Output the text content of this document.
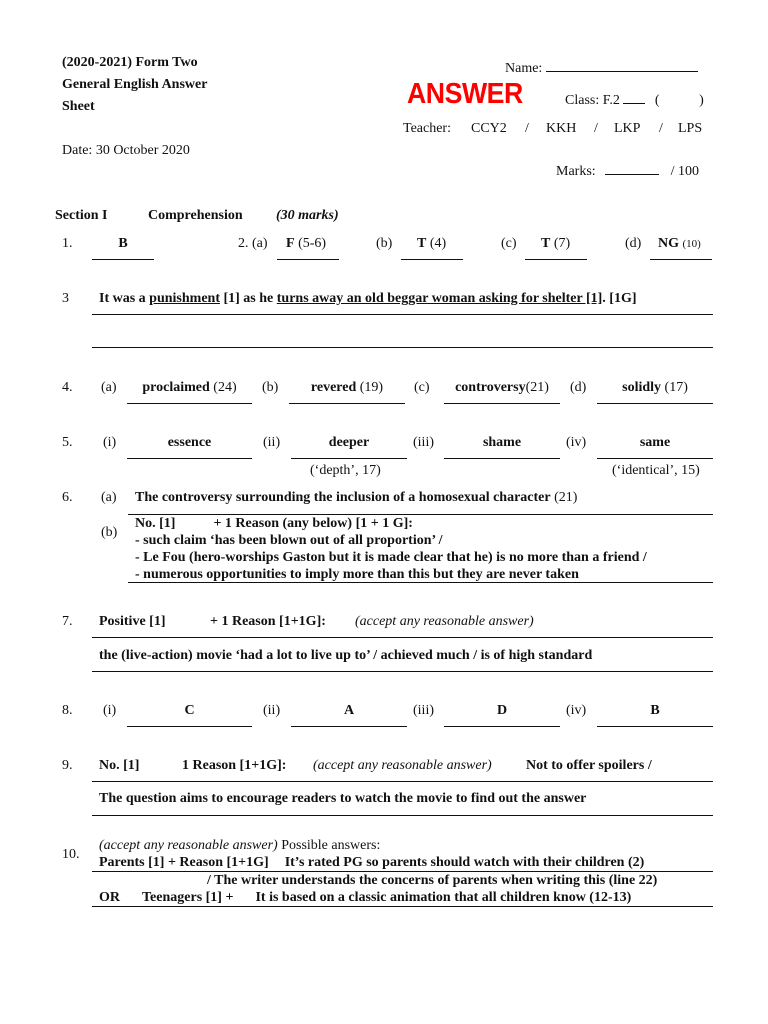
(2020-2021) Form Two
General English Answer
Sheet
Date: 30 October 2020
ANSWER
Name:
Class: F.2	(	)
Teacher: CCY2 / KKH / LKP / LPS
Marks:	/ 100
Section I	Comprehension (30 marks)
1.	B	2. (a) F (5-6)	(b) T (4)	(c) T (7)	(d) NG (10)
3 It was a punishment [1] as he turns away an old beggar woman asking for shelter [1]. [1G]
4. (a)	proclaimed (24)	(b)	revered (19)	(c)	controversy(21)	(d)	solidly (17)
5. (i)	essence	(ii)	deeper	(iii)	shame	(iv)	same
(‘depth’, 17)	(‘identical’, 15)
6. (a) The controversy surrounding the inclusion of a homosexual character (21)
(b)
No. [1]	+ 1 Reason (any below) [1 + 1 G]:
- such claim ‘has been blown out of all proportion’ /
- Le Fou (hero-worships Gaston but it is made clear that he) is no more than a friend /
- numerous opportunities to imply more than this but they are never taken
7. Positive [1]	+ 1 Reason [1+1G]: (accept any reasonable answer)
the (live-action) movie ‘had a lot to live up to’ / achieved much / is of high standard
8. (i)	C	(ii)	A	(iii)	D	(iv)	B
9. No. [1]	1 Reason [1+1G]: (accept any reasonable answer) Not to offer spoilers /
The question aims to encourage readers to watch the movie to find out the answer
10.
(accept any reasonable answer) Possible answers:
Parents [1] + Reason [1+1G] It’s rated PG so parents should watch with their children (2)
/ The writer understands the concerns of parents when writing this (line 22)
OR Teenagers [1] + It is based on a classic animation that all children know (12-13)
